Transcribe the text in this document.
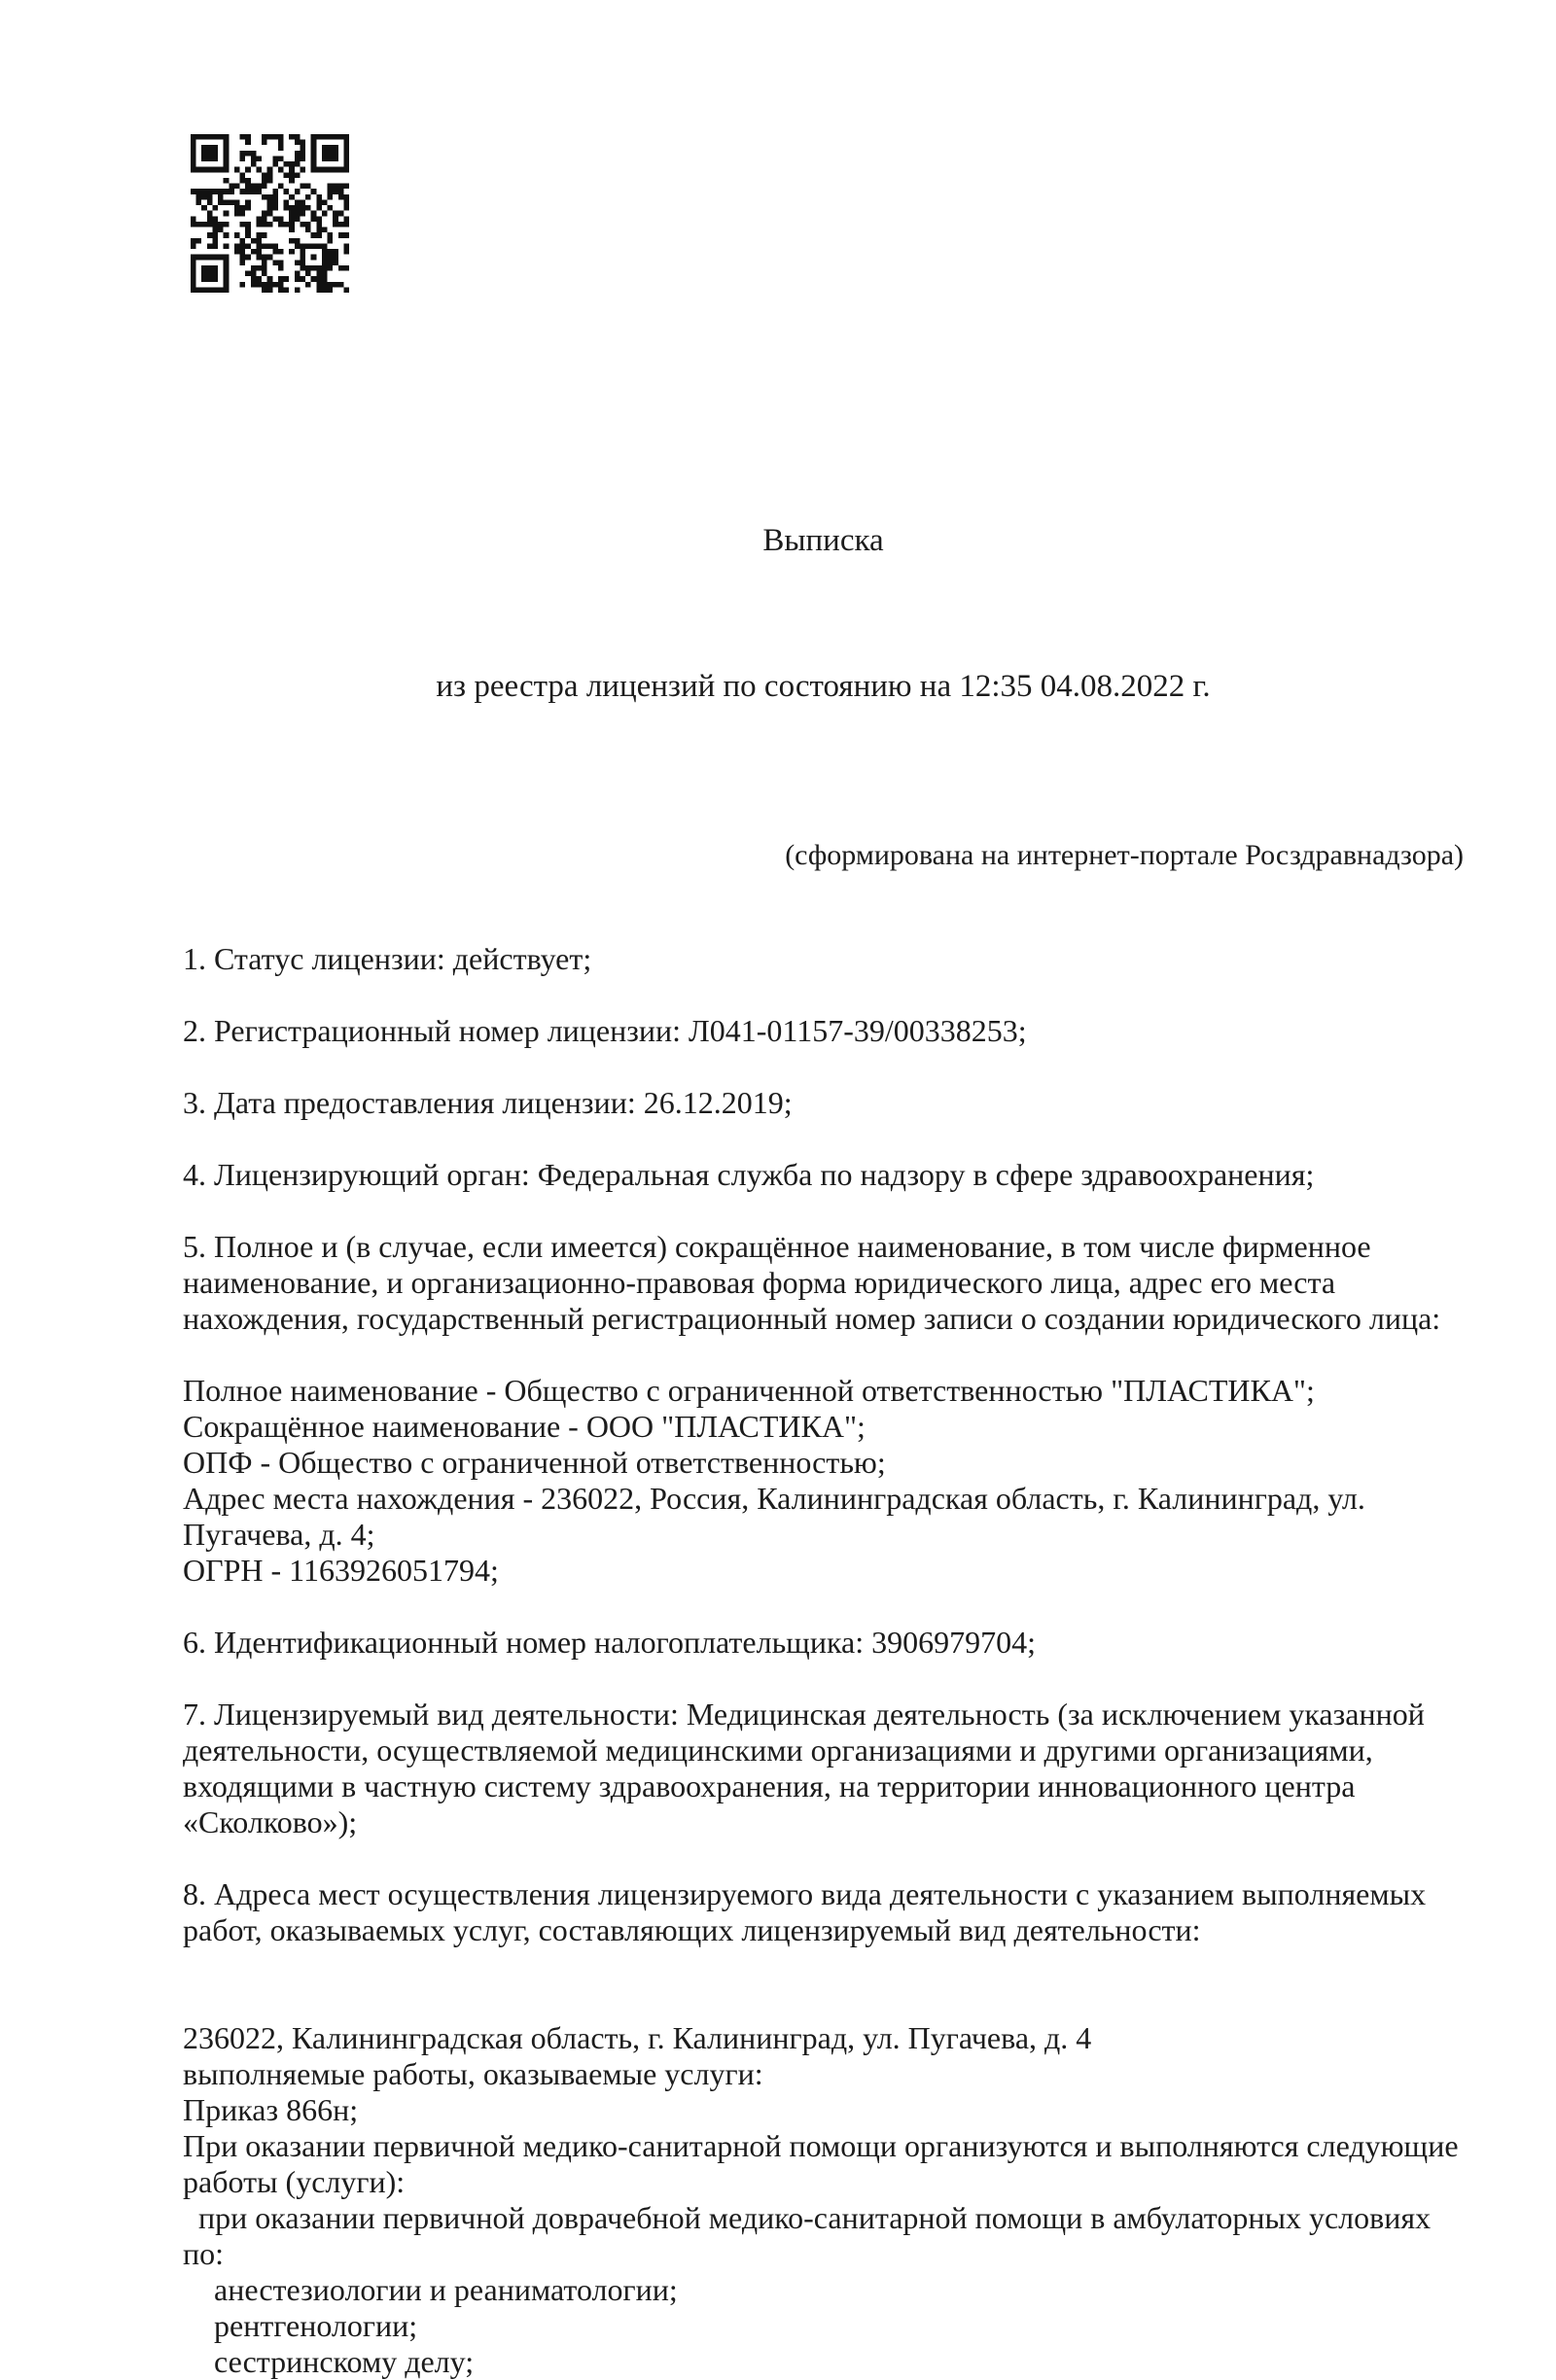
Выписка

из реестра лицензий по состоянию на 12:35 04.08.2022 г.

(сформирована на интернет-портале Росздравнадзора)
1. Статус лицензии: действует;
2. Регистрационный номер лицензии: Л041-01157-39/00338253;
3. Дата предоставления лицензии: 26.12.2019;
4. Лицензирующий орган: Федеральная служба по надзору в сфере здравоохранения;
5. Полное и (в случае, если имеется) сокращённое наименование, в том числе фирменное наименование, и организационно-правовая форма юридического лица, адрес его места нахождения, государственный регистрационный номер записи о создании юридического лица:
Полное наименование - Общество с ограниченной ответственностью "ПЛАСТИКА";
Сокращённое наименование - ООО "ПЛАСТИКА";
ОПФ - Общество с ограниченной ответственностью;
Адрес места нахождения - 236022, Россия, Калининградская область, г. Калининград, ул. Пугачева, д. 4;
ОГРН - 1163926051794;
6. Идентификационный номер налогоплательщика: 3906979704;
7. Лицензируемый вид деятельности: Медицинская деятельность (за исключением указанной деятельности, осуществляемой медицинскими организациями и другими организациями, входящими в частную систему здравоохранения, на территории инновационного центра «Сколково»);
8. Адреса мест осуществления лицензируемого вида деятельности с указанием выполняемых работ, оказываемых услуг, составляющих лицензируемый вид деятельности:
236022, Калининградская область, г. Калининград, ул. Пугачева, д. 4
выполняемые работы, оказываемые услуги:
Приказ 866н;
При оказании первичной медико-санитарной помощи организуются и выполняются следующие работы (услуги):
при оказании первичной доврачебной медико-санитарной помощи в амбулаторных условиях по:
анестезиологии и реаниматологии;
рентгенологии;
сестринскому делу;
